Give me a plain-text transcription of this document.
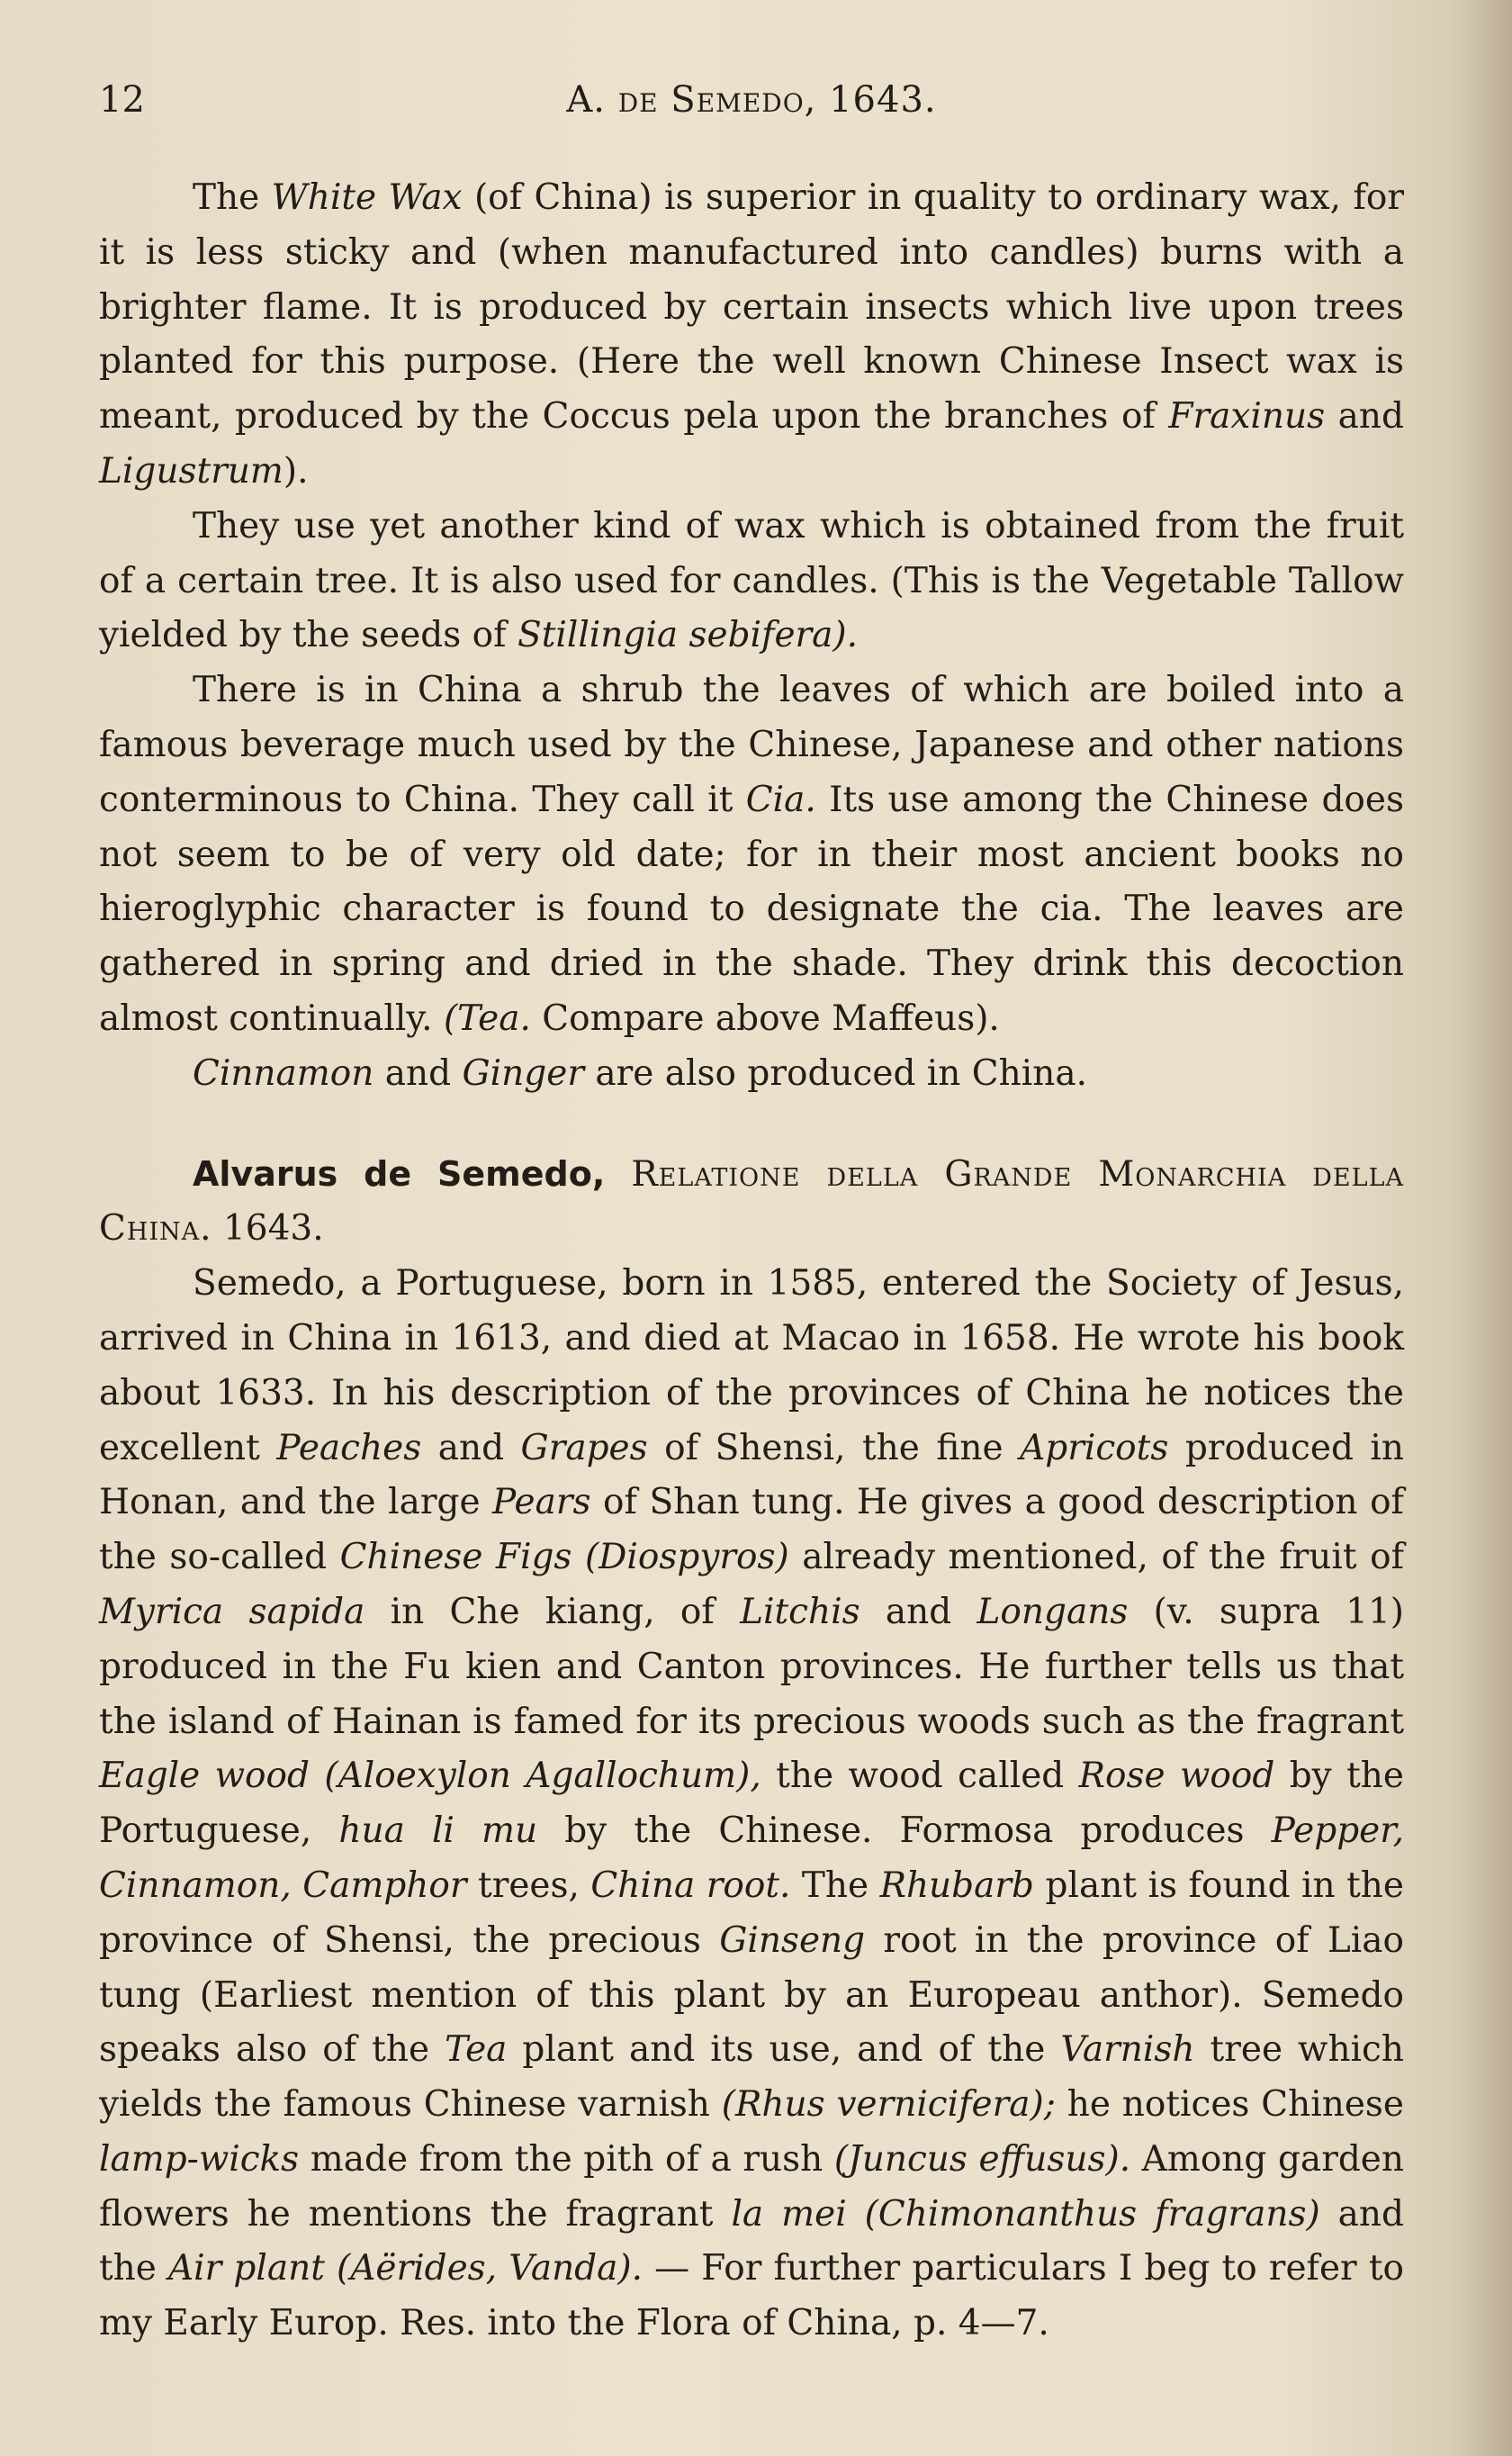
12	A. de Semedo, 1643.

The White Wax (of China) is superior in quality to ordinary wax, for it is less sticky and (when manufactured into candles) burns with a brighter flame. It is produced by certain insects which live upon trees planted for this purpose. (Here the well known Chinese Insect wax is meant, produced by the Coccus pela upon the branches of Fraxinus and Ligustrum).

They use yet another kind of wax which is obtained from the fruit of a certain tree. It is also used for candles. (This is the Vegetable Tallow yielded by the seeds of Stillingia sebifera).

There is in China a shrub the leaves of which are boiled into a famous beverage much used by the Chinese, Japanese and other nations conterminous to China. They call it Cia. Its use among the Chinese does not seem to be of very old date; for in their most ancient books no hieroglyphic character is found to designate the cia. The leaves are gathered in spring and dried in the shade. They drink this decoction almost continually. (Tea. Compare above Maffeus).

Cinnamon and Ginger are also produced in China.

Alvarus de Semedo, Relatione della Grande Monarchia della China. 1643.

Semedo, a Portuguese, born in 1585, entered the Society of Jesus, arrived in China in 1613, and died at Macao in 1658. He wrote his book about 1633. In his description of the provinces of China he notices the excellent Peaches and Grapes of Shensi, the fine Apricots produced in Honan, and the large Pears of Shan tung. He gives a good description of the so-called Chinese Figs (Diospyros) already mentioned, of the fruit of Myrica sapida in Che kiang, of Litchis and Longans (v. supra 11) produced in the Fu kien and Canton provinces. He further tells us that the island of Hainan is famed for its precious woods such as the fragrant Eagle wood (Aloexylon Agallochum), the wood called Rose wood by the Portuguese, hua li mu by the Chinese. Formosa produces Pepper, Cinnamon, Camphor trees, China root. The Rhubarb plant is found in the province of Shensi, the precious Ginseng root in the province of Liao tung (Earliest mention of this plant by an Europeau anthor). Semedo speaks also of the Tea plant and its use, and of the Varnish tree which yields the famous Chinese varnish (Rhus vernicifera); he notices Chinese lamp-wicks made from the pith of a rush (Juncus effusus). Among garden flowers he mentions the fragrant la mei (Chimonanthus fragrans) and the Air plant (Aërides, Vanda). — For further particulars I beg to refer to my Early Europ. Res. into the Flora of China, p. 4—7.
